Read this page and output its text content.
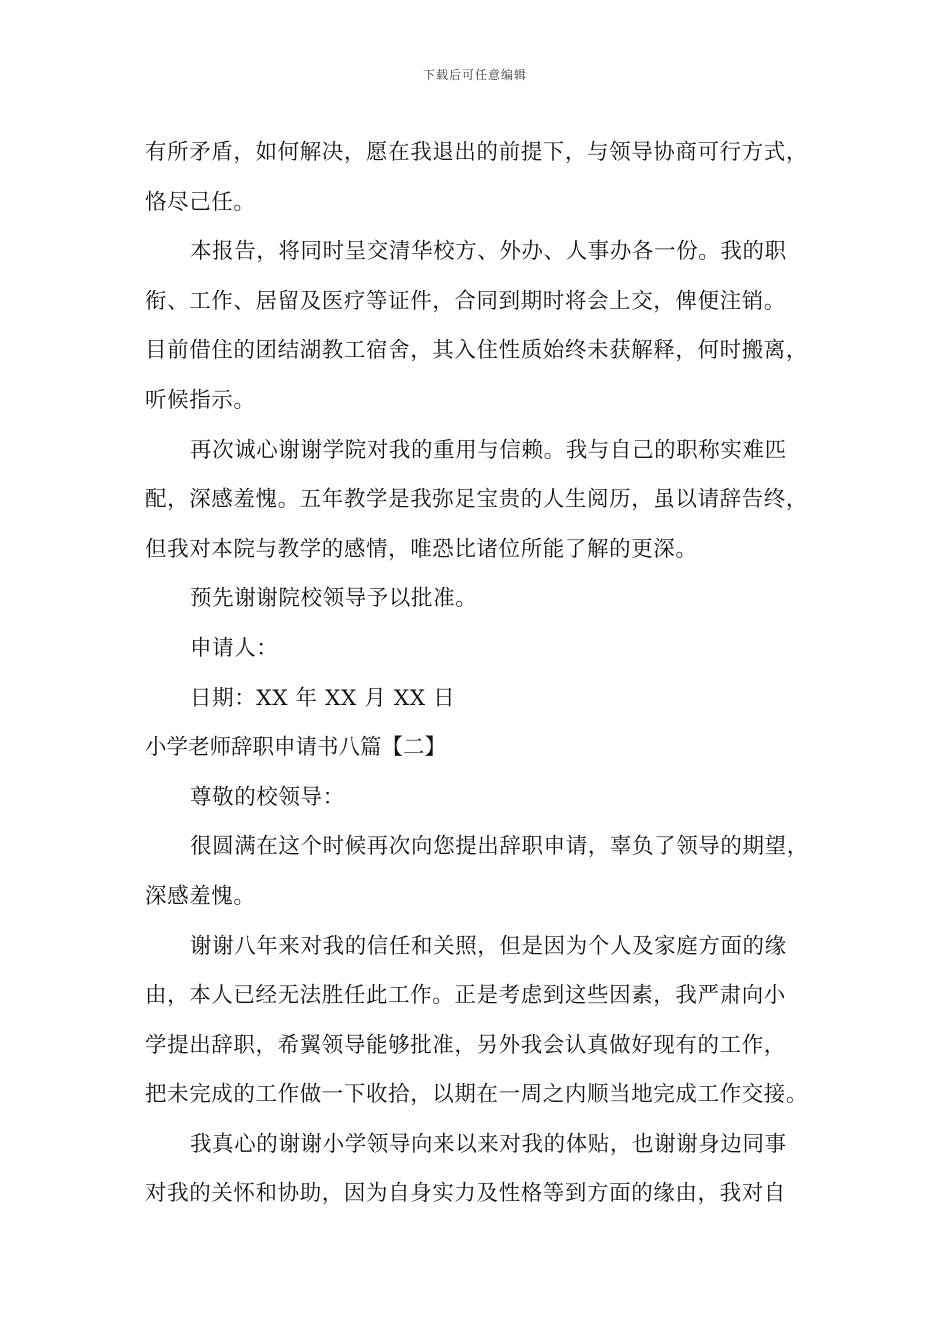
下载后可任意编辑
有所矛盾，如何解决，愿在我退出的前提下，与领导协商可行方式，
恪尽己任。
本报告，将同时呈交清华校方、外办、人事办各一份。我的职
衔、工作、居留及医疗等证件，合同到期时将会上交，俾便注销。
目前借住的团结湖教工宿舍，其入住性质始终未获解释，何时搬离，
听候指示。
再次诚心谢谢学院对我的重用与信赖。我与自己的职称实难匹
配，深感羞愧。五年教学是我弥足宝贵的人生阅历，虽以请辞告终，
但我对本院与教学的感情，唯恐比诸位所能了解的更深。
预先谢谢院校领导予以批准。
申请人：
日期：XX 年 XX 月 XX 日
小学老师辞职申请书八篇【二】
尊敬的校领导：
很圆满在这个时候再次向您提出辞职申请，辜负了领导的期望，
深感羞愧。
谢谢八年来对我的信任和关照，但是因为个人及家庭方面的缘
由，本人已经无法胜任此工作。正是考虑到这些因素，我严肃向小
学提出辞职，希翼领导能够批准，另外我会认真做好现有的工作，
把未完成的工作做一下收拾，以期在一周之内顺当地完成工作交接。
我真心的谢谢小学领导向来以来对我的体贴，也谢谢身边同事
对我的关怀和协助，因为自身实力及性格等到方面的缘由，我对自
